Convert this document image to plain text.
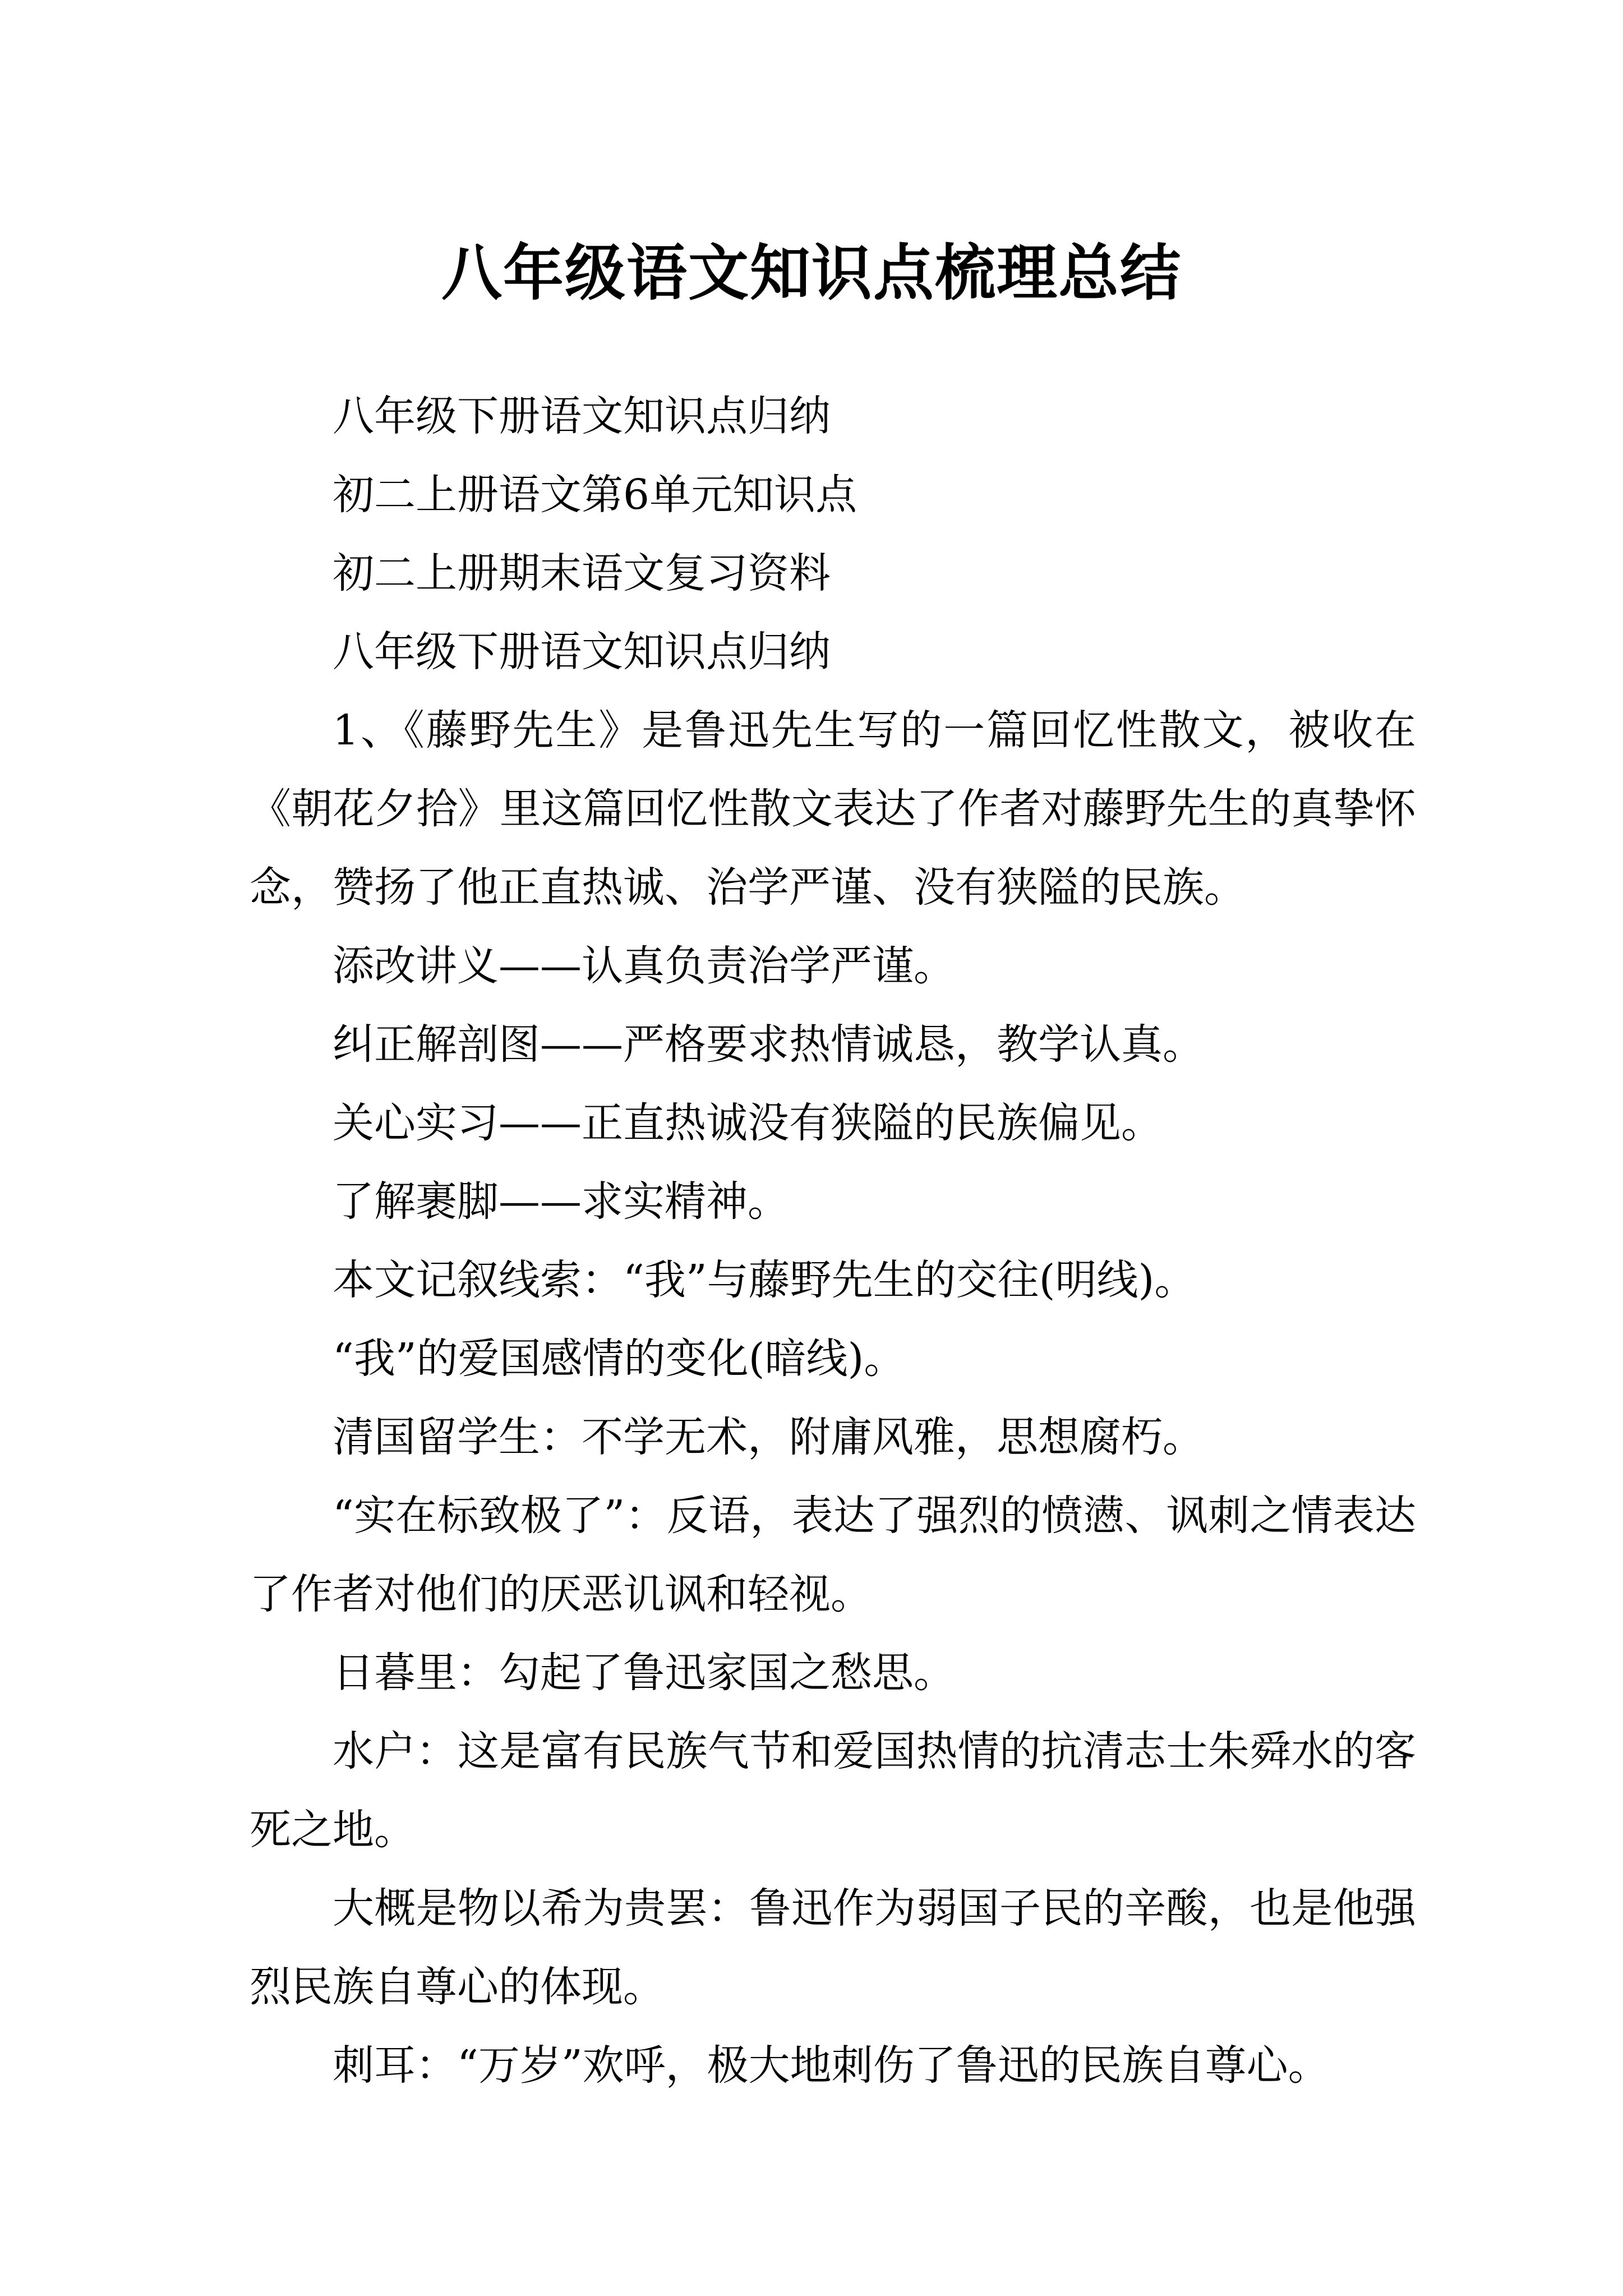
八年级语文知识点梳理总结

八年级下册语文知识点归纳

初二上册语文第6单元知识点

初二上册期末语文复习资料

八年级下册语文知识点归纳

1、《藤野先生》是鲁迅先生写的一篇回忆性散文，被收在《朝花夕拾》里这篇回忆性散文表达了作者对藤野先生的真挚怀念，赞扬了他正直热诚、治学严谨、没有狭隘的民族。

添改讲义——认真负责治学严谨。

纠正解剖图——严格要求热情诚恳，教学认真。

关心实习——正直热诚没有狭隘的民族偏见。

了解裹脚——求实精神。

本文记叙线索：“我”与藤野先生的交往(明线)。

“我”的爱国感情的变化(暗线)。

清国留学生：不学无术，附庸风雅，思想腐朽。

“实在标致极了”：反语，表达了强烈的愤懑、讽刺之情表达了作者对他们的厌恶讥讽和轻视。

日暮里：勾起了鲁迅家国之愁思。

水户：这是富有民族气节和爱国热情的抗清志士朱舜水的客死之地。

大概是物以希为贵罢：鲁迅作为弱国子民的辛酸，也是他强烈民族自尊心的体现。

刺耳：“万岁”欢呼，极大地刺伤了鲁迅的民族自尊心。
